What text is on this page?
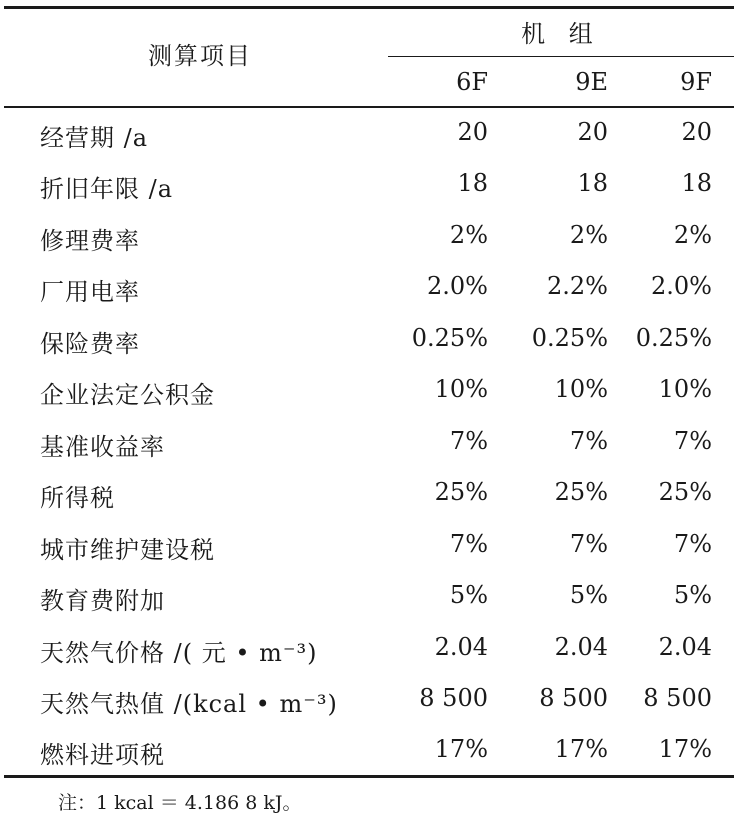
测算项目
机 组
6F	9E	9F
经营期 /a	20	20	20
折旧年限 /a	18	18	18
修理费率	2%	2%	2%
厂用电率	2.0%	2.2%	2.0%
保险费率	0.25%	0.25%	0.25%
企业法定公积金	10%	10%	10%
基准收益率	7%	7%	7%
所得税	25%	25%	25%
城市维护建设税	7%	7%	7%
教育费附加	5%	5%	5%
天然气价格 /( 元 • m⁻³)	2.04	2.04	2.04
天然气热值 /(kcal • m⁻³)	8 500	8 500	8 500
燃料进项税	17%	17%	17%
注：1 kcal ＝ 4.186 8 kJ。
